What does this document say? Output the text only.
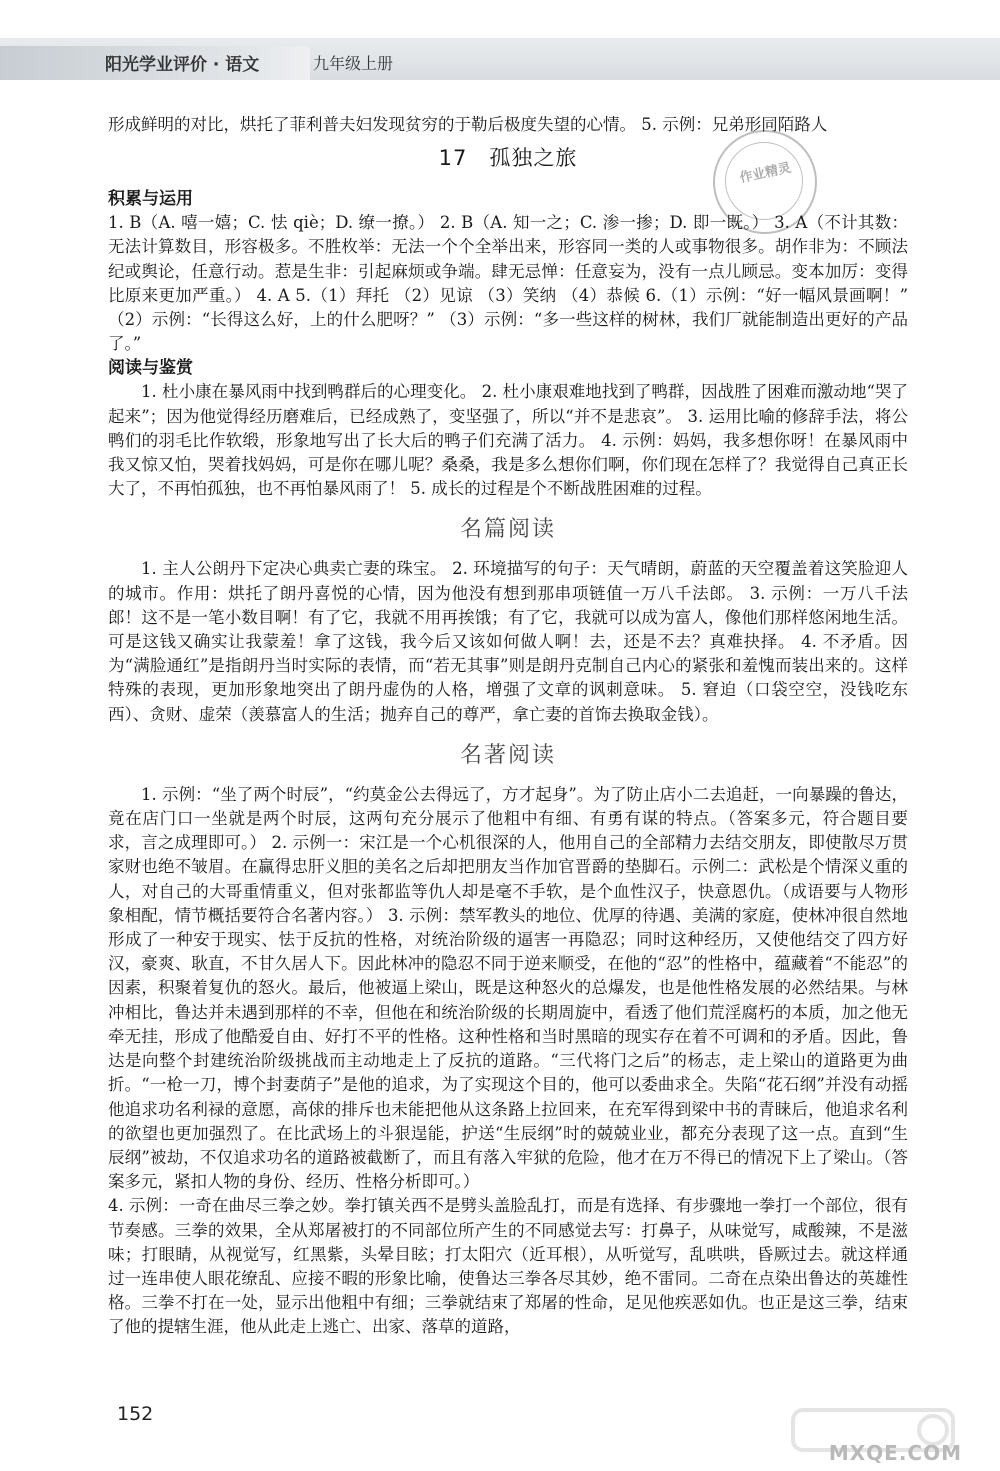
阳光学业评价 · 语文	九年级上册
作业精灵

形成鲜明的对比，烘托了菲利普夫妇发现贫穷的于勒后极度失望的心情。 5. 示例：兄弟形同陌路人

17 孤独之旅
积累与运用

1. B（A. 嘻一嬉；C. 怯 qiè；D. 缭一撩。） 2. B（A. 知一之；C. 渗一掺；D. 即一既。） 3. A（不计其数：无法计算数目，形容极多。不胜枚举：无法一个个全举出来，形容同一类的人或事物很多。胡作非为：不顾法纪或舆论，任意行动。惹是生非：引起麻烦或争端。肆无忌惮：任意妄为，没有一点儿顾忌。变本加厉：变得比原来更加严重。） 4. A 5.（1）拜托 （2）见谅 （3）笑纳 （4）恭候 6.（1）示例：“好一幅风景画啊！” （2）示例：“长得这么好，上的什么肥呀？” （3）示例：“多一些这样的树林，我们厂就能制造出更好的产品了。”

阅读与鉴赏

1. 杜小康在暴风雨中找到鸭群后的心理变化。 2. 杜小康艰难地找到了鸭群，因战胜了困难而激动地“哭了起来”；因为他觉得经历磨难后，已经成熟了，变坚强了，所以“并不是悲哀”。 3. 运用比喻的修辞手法，将公鸭们的羽毛比作软缎，形象地写出了长大后的鸭子们充满了活力。 4. 示例：妈妈，我多想你呀！在暴风雨中我又惊又怕，哭着找妈妈，可是你在哪儿呢？桑桑，我是多么想你们啊，你们现在怎样了？我觉得自己真正长大了，不再怕孤独，也不再怕暴风雨了！ 5. 成长的过程是个不断战胜困难的过程。

名篇阅读

1. 主人公朗丹下定决心典卖亡妻的珠宝。 2. 环境描写的句子：天气晴朗，蔚蓝的天空覆盖着这笑脸迎人的城市。作用：烘托了朗丹喜悦的心情，因为他没有想到那串项链值一万八千法郎。 3. 示例：一万八千法郎！这不是一笔小数目啊！有了它，我就不用再挨饿；有了它，我就可以成为富人，像他们那样悠闲地生活。可是这钱又确实让我蒙羞！拿了这钱，我今后又该如何做人啊！去，还是不去？真难抉择。 4. 不矛盾。因为“满脸通红”是指朗丹当时实际的表情，而“若无其事”则是朗丹克制自己内心的紧张和羞愧而装出来的。这样特殊的表现，更加形象地突出了朗丹虚伪的人格，增强了文章的讽刺意味。 5. 窘迫（口袋空空，没钱吃东西）、贪财、虚荣（羡慕富人的生活；抛弃自己的尊严，拿亡妻的首饰去换取金钱）。

名著阅读

1. 示例：“坐了两个时辰”，“约莫金公去得远了，方才起身”。为了防止店小二去追赶，一向暴躁的鲁达，竟在店门口一坐就是两个时辰，这两句充分展示了他粗中有细、有勇有谋的特点。（答案多元，符合题目要求，言之成理即可。） 2. 示例一：宋江是一个心机很深的人，他用自己的全部精力去结交朋友，即使散尽万贯家财也绝不皱眉。在赢得忠肝义胆的美名之后却把朋友当作加官晋爵的垫脚石。示例二：武松是个情深义重的人，对自己的大哥重情重义，但对张都监等仇人却是毫不手软，是个血性汉子，快意恩仇。（成语要与人物形象相配，情节概括要符合名著内容。） 3. 示例：禁军教头的地位、优厚的待遇、美满的家庭，使林冲很自然地形成了一种安于现实、怯于反抗的性格，对统治阶级的逼害一再隐忍；同时这种经历，又使他结交了四方好汉，豪爽、耿直，不甘久居人下。因此林冲的隐忍不同于逆来顺受，在他的“忍”的性格中，蕴藏着“不能忍”的因素，积聚着复仇的怒火。最后，他被逼上梁山，既是这种怒火的总爆发，也是他性格发展的必然结果。与林冲相比，鲁达并未遇到那样的不幸，但他在和统治阶级的长期周旋中，看透了他们荒淫腐朽的本质，加之他无牵无挂，形成了他酷爱自由、好打不平的性格。这种性格和当时黑暗的现实存在着不可调和的矛盾。因此，鲁达是向整个封建统治阶级挑战而主动地走上了反抗的道路。“三代将门之后”的杨志，走上梁山的道路更为曲折。“一枪一刀，博个封妻荫子”是他的追求，为了实现这个目的，他可以委曲求全。失陷“花石纲”并没有动摇他追求功名利禄的意愿，高俅的排斥也未能把他从这条路上拉回来，在充军得到梁中书的青睐后，他追求名利的欲望也更加强烈了。在比武场上的斗狠逞能，护送“生辰纲”时的兢兢业业，都充分表现了这一点。直到“生辰纲”被劫，不仅追求功名的道路被截断了，而且有落入牢狱的危险，他才在万不得已的情况下上了梁山。（答案多元，紧扣人物的身份、经历、性格分析即可。）

4. 示例：一奇在曲尽三拳之妙。拳打镇关西不是劈头盖脸乱打，而是有选择、有步骤地一拳打一个部位，很有节奏感。三拳的效果，全从郑屠被打的不同部位所产生的不同感觉去写：打鼻子，从味觉写，咸酸辣，不是滋味；打眼睛，从视觉写，红黑紫，头晕目眩；打太阳穴（近耳根），从听觉写，乱哄哄，昏厥过去。就这样通过一连串使人眼花缭乱、应接不暇的形象比喻，使鲁达三拳各尽其妙，绝不雷同。二奇在点染出鲁达的英雄性格。三拳不打在一处，显示出他粗中有细；三拳就结束了郑屠的性命，足见他疾恶如仇。也正是这三拳，结束了他的提辖生涯，他从此走上逃亡、出家、落草的道路，

152
MXQE.COM
